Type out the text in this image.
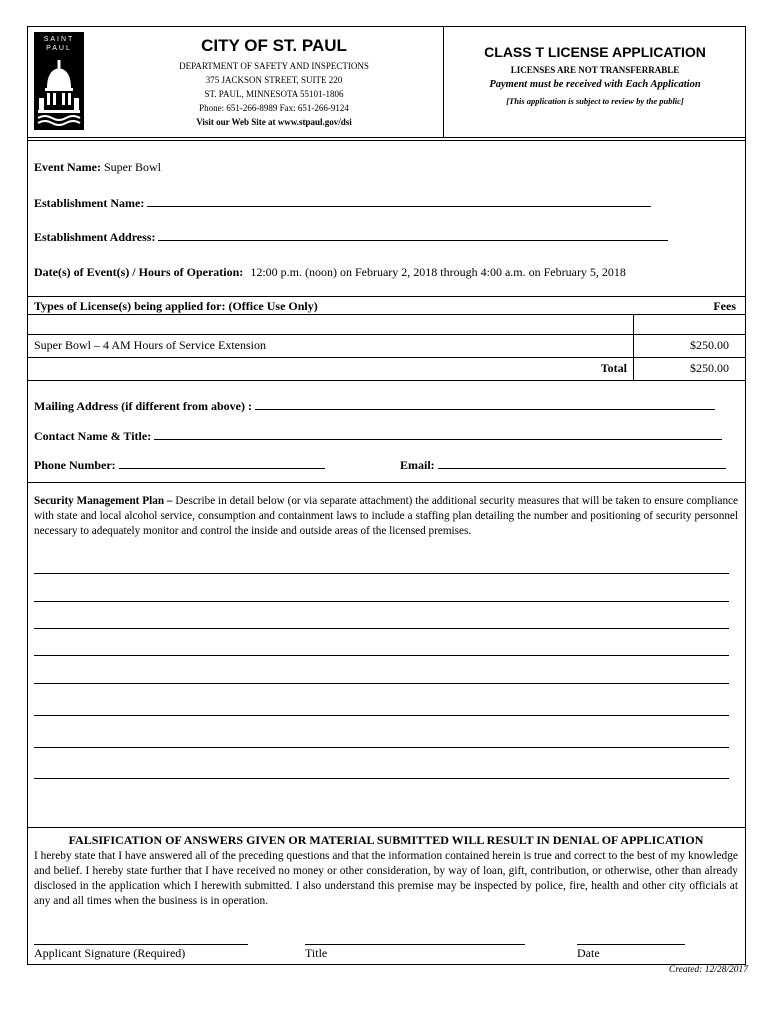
SAINT
PAUL	CITY OF ST. PAUL
DEPARTMENT OF SAFETY AND INSPECTIONS
375 JACKSON STREET, SUITE 220
ST. PAUL, MINNESOTA 55101-1806
Phone: 651-266-8989 Fax: 651-266-9124
Visit our Web Site at www.stpaul.gov/dsi
CLASS T LICENSE APPLICATION
LICENSES ARE NOT TRANSFERRABLE
Payment must be received with Each Application
[This application is subject to review by the public]
Event Name: Super Bowl
Establishment Name:
Establishment Address:
Date(s) of Event(s) / Hours of Operation: 12:00 p.m. (noon) on February 2, 2018 through 4:00 a.m. on February 5, 2018
Types of License(s) being applied for: (Office Use Only)	Fees
Super Bowl – 4 AM Hours of Service Extension	$250.00
Total	$250.00
Mailing Address (if different from above) :
Contact Name & Title:
Phone Number:	Email:
Security Management Plan – Describe in detail below (or via separate attachment) the additional security measures that will be taken to ensure compliance with state and local alcohol service, consumption and containment laws to include a staffing plan detailing the number and positioning of security personnel necessary to adequately monitor and control the inside and outside areas of the licensed premises.
FALSIFICATION OF ANSWERS GIVEN OR MATERIAL SUBMITTED WILL RESULT IN DENIAL OF APPLICATION
I hereby state that I have answered all of the preceding questions and that the information contained herein is true and correct to the best of my knowledge and belief. I hereby state further that I have received no money or other consideration, by way of loan, gift, contribution, or otherwise, other than already disclosed in the application which I herewith submitted. I also understand this premise may be inspected by police, fire, health and other city officials at any and all times when the business is in operation.
Applicant Signature (Required)	Title	Date
Created: 12/28/2017
